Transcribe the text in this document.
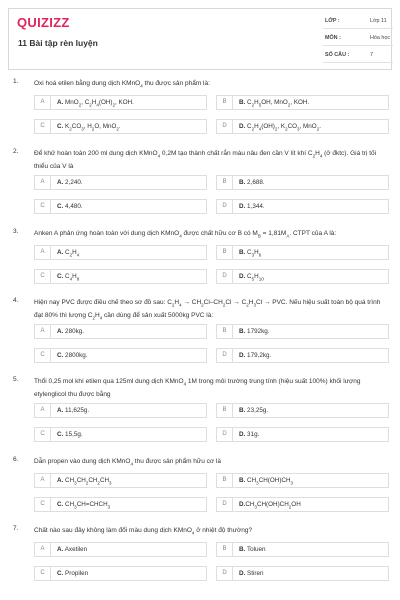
QUIZIZZ
11 Bài tập rèn luyện
LỚP :	Lớp 11
MÔN :	Hóa học
SỐ CÂU :	7
1. Oxi hoá etilen bằng dung dịch KMnO$_4$ thu được sản phẩm là:
A	A. MnO$_2$, $C_2H_4(OH)_2$, KOH.	B	B. $C_2H_5OH$, MnO$_2$, KOH.
C	C. $K_2CO_3$, $H_2O$, MnO$_2$.	D	D. $C_2H_4(OH)_2$, $K_2CO_3$, MnO$_2$.
2. Để khử hoàn toàn 200 ml dung dịch KMnO$_4$ 0,2M tạo thành chất rắn màu nâu đen cần V lít khí $C_2H_4$ (ở đktc). Giá trị tối thiểu của V là
A	A. 2,240.	B	B. 2,688.
C	C. 4,480.	D	D. 1,344.
3. Anken A phản ứng hoàn toàn với dung dịch KMnO$_4$ được chất hữu cơ B có $M_B = 1,81M_A$. CTPT của A là:
A	A. $C_2H_4$	B	B. $C_3H_6$
C	C. $C_4H_8$	D	D. $C_5H_{10}$
4. Hiện nay PVC được điều chế theo sơ đồ sau: $C_2H_4 \to CH_2Cl-CH_2Cl \to C_2H_3Cl$ → PVC. Nếu hiệu suất toàn bộ quá trình đạt 80% thì lượng $C_2H_4$ cần dùng để sản xuất 5000kg PVC là:
A	A. 280kg.	B	B. 1792kg.
C	C. 2800kg.	D	D. 179,2kg.
5. Thổi 0,25 mol khí etilen qua 125ml dung dịch KMnO$_4$ 1M trong môi trường trung tính (hiệu suất 100%) khối lượng etylenglicol thu được bằng
A	A. 11,625g.	B	B. 23,25g.
C	C. 15,5g.	D	D. 31g.
6. Dẫn propen vào dung dịch KMnO$_4$ thu được sản phẩm hữu cơ là
A	A. $CH_3CH_2CH_2CH_3$	B	B. $CH_3CH(OH)CH_3$
C	C. $CH_3CH=CHCH_3$	D	$D.CH_3CH(OH)CH_2OH$
7. Chất nào sau đây không làm đổi màu dung dịch KMnO$_4$ ở nhiệt độ thường?
A	A. Axetilen	B	B. Toluen
C	C. Propilen	D	D. Stiren
